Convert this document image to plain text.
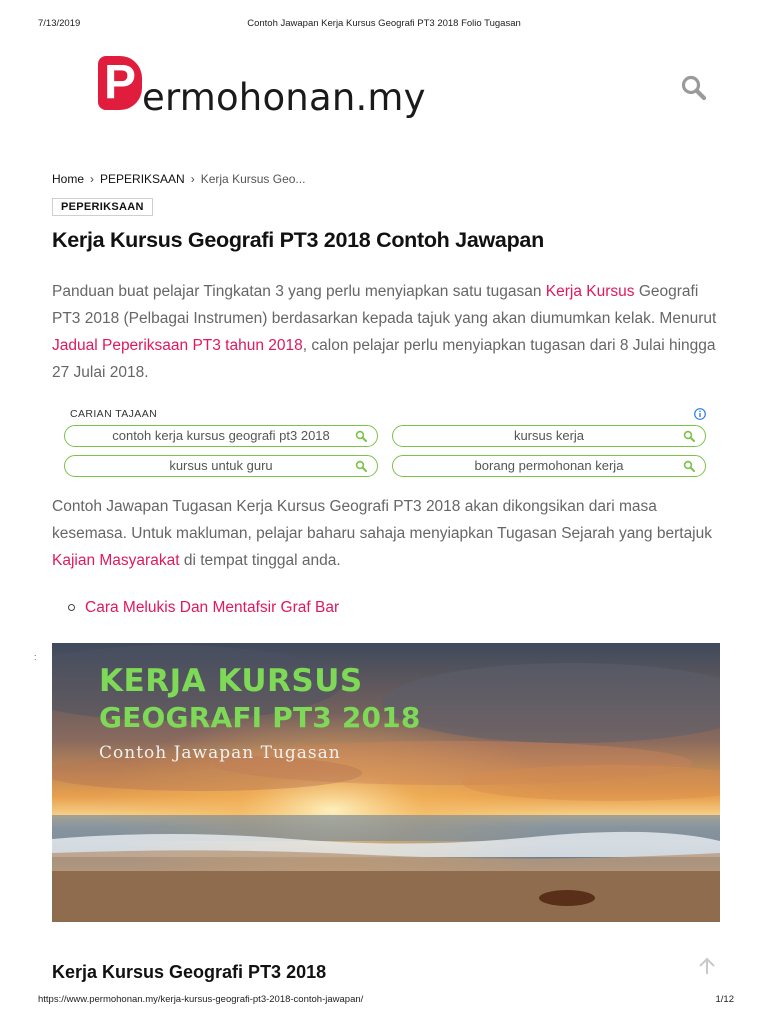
7/13/2019	Contoh Jawapan Kerja Kursus Geografi PT3 2018 Folio Tugasan
P ermohonan.my
Home › PEPERIKSAAN › Kerja Kursus Geo...
PEPERIKSAAN
Kerja Kursus Geografi PT3 2018 Contoh Jawapan

Panduan buat pelajar Tingkatan 3 yang perlu menyiapkan satu tugasan Kerja Kursus Geografi PT3 2018 (Pelbagai Instrumen) berdasarkan kepada tajuk yang akan diumumkan kelak. Menurut Jadual Peperiksaan PT3 tahun 2018, calon pelajar perlu menyiapkan tugasan dari 8 Julai hingga 27 Julai 2018.

CARIAN TAJAAN
contoh kerja kursus geografi pt3 2018	kursus kerja
kursus untuk guru	borang permohonan kerja

Contoh Jawapan Tugasan Kerja Kursus Geografi PT3 2018 akan dikongsikan dari masa kesemasa. Untuk makluman, pelajar baharu sahaja menyiapkan Tugasan Sejarah yang bertajuk Kajian Masyarakat di tempat tinggal anda.

Cara Melukis Dan Mentafsir Graf Bar
:
KERJA KURSUS
GEOGRAFI PT3 2018
Contoh Jawapan Tugasan
Kerja Kursus Geografi PT3 2018
https://www.permohonan.my/kerja-kursus-geografi-pt3-2018-contoh-jawapan/	1/12
